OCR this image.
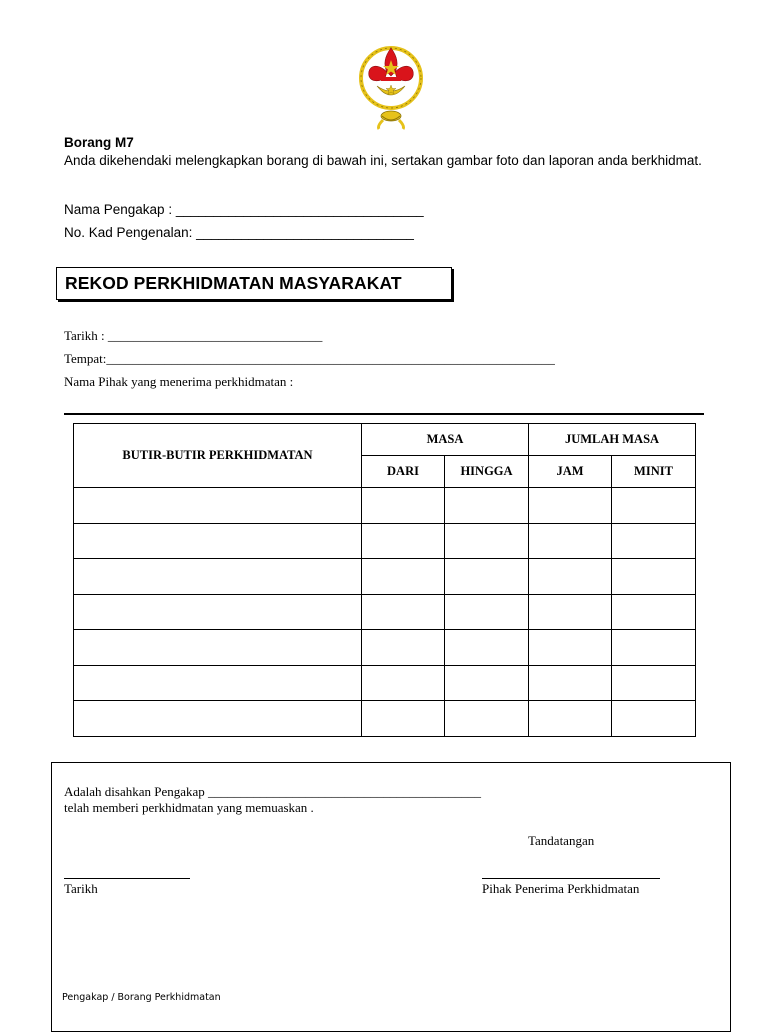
Borang M7
Anda dikehendaki melengkapkan borang di bawah ini, sertakan gambar foto dan laporan anda berkhidmat.
Nama Pengakap : _________________________________
No. Kad Pengenalan: _____________________________
REKOD PERKHIDMATAN MASYARAKAT
Tarikh : _________________________________
Tempat:_____________________________________________________________________
Nama Pihak yang menerima perkhidmatan :
BUTIR-BUTIR PERKHIDMATAN	MASA		JUMLAH MASA	
	DARI	HINGGA	JAM	MINIT

Adalah disahkan Pengakap __________________________________________
telah memberi perkhidmatan yang memuaskan .
Tandatangan
Tarikh	Pihak Penerima Perkhidmatan
Pengakap / Borang Perkhidmatan
